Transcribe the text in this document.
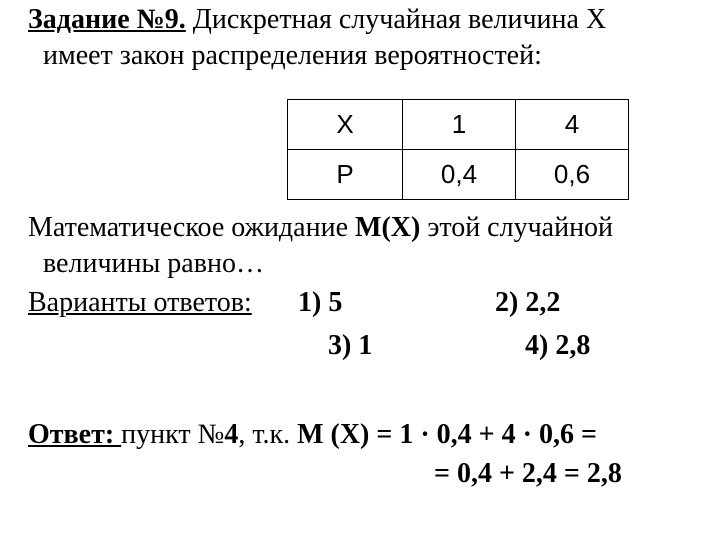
Задание №9. Дискретная случайная величина X
имеет закон распределения вероятностей:
X	1	4
P	0,4	0,6
Математическое ожидание M(X) этой случайной
величины равно…
Варианты ответов: 1) 5	2) 2,2
3) 1	4) 2,8
Ответ: пункт №4, т.к. M (X) = 1 · 0,4 + 4 · 0,6 =
= 0,4 + 2,4 = 2,8
